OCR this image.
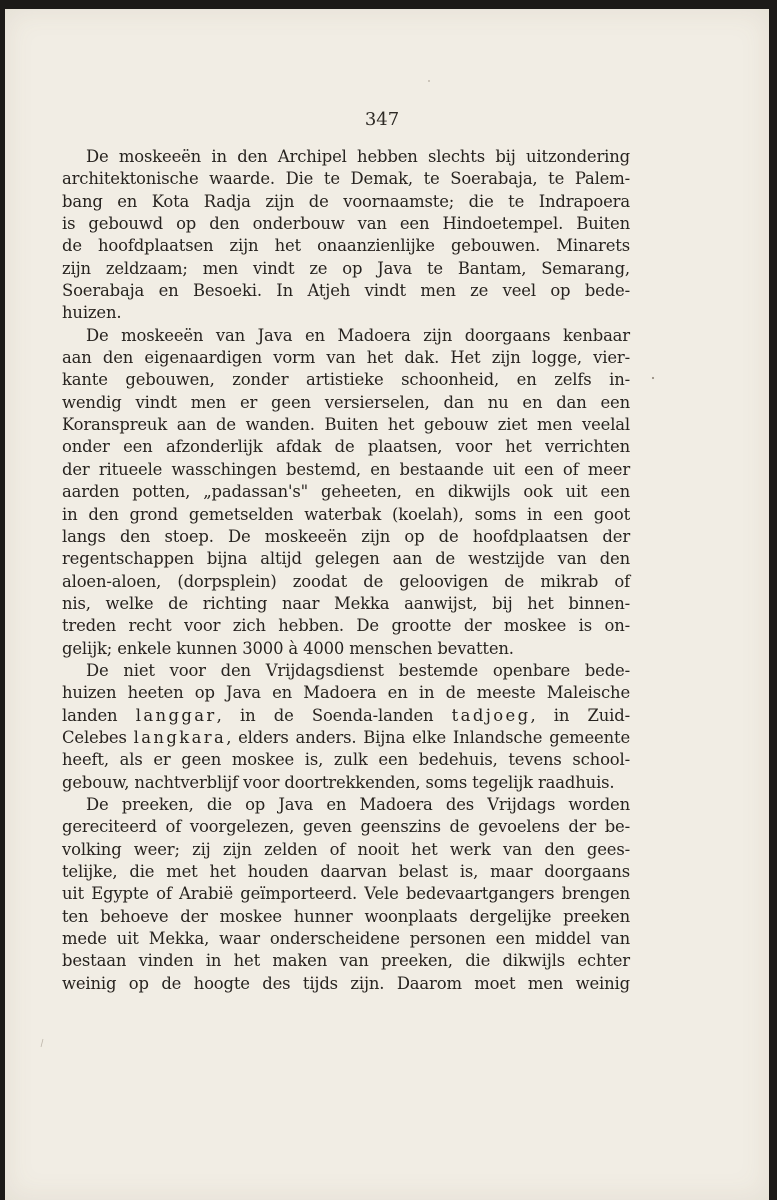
347
De moskeeën in den Archipel hebben slechts bij uitzondering
architektonische waarde. Die te Demak, te Soerabaja, te Palem-
bang en Kota Radja zijn de voornaamste; die te Indrapoera
is gebouwd op den onderbouw van een Hindoetempel. Buiten
de hoofdplaatsen zijn het onaanzienlijke gebouwen. Minarets
zijn zeldzaam; men vindt ze op Java te Bantam, Semarang,
Soerabaja en Besoeki. In Atjeh vindt men ze veel op bede-
huizen.
De moskeeën van Java en Madoera zijn doorgaans kenbaar
aan den eigenaardigen vorm van het dak. Het zijn logge, vier-
kante gebouwen, zonder artistieke schoonheid, en zelfs in-
wendig vindt men er geen versierselen, dan nu en dan een
Koranspreuk aan de wanden. Buiten het gebouw ziet men veelal
onder een afzonderlijk afdak de plaatsen, voor het verrichten
der ritueele wasschingen bestemd, en bestaande uit een of meer
aarden potten, „padassan's" geheeten, en dikwijls ook uit een
in den grond gemetselden waterbak (koelah), soms in een goot
langs den stoep. De moskeeën zijn op de hoofdplaatsen der
regentschappen bijna altijd gelegen aan de westzijde van den
aloen-aloen, (dorpsplein) zoodat de geloovigen de mikrab of
nis, welke de richting naar Mekka aanwijst, bij het binnen-
treden recht voor zich hebben. De grootte der moskee is on-
gelijk; enkele kunnen 3000 à 4000 menschen bevatten.
De niet voor den Vrijdagsdienst bestemde openbare bede-
huizen heeten op Java en Madoera en in de meeste Maleische
landen langgar, in de Soenda-landen tadjoeg, in Zuid-
Celebes langkara, elders anders. Bijna elke Inlandsche gemeente
heeft, als er geen moskee is, zulk een bedehuis, tevens school-
gebouw, nachtverblijf voor doortrekkenden, soms tegelijk raadhuis.
De preeken, die op Java en Madoera des Vrijdags worden
gereciteerd of voorgelezen, geven geenszins de gevoelens der be-
volking weer; zij zijn zelden of nooit het werk van den gees-
telijke, die met het houden daarvan belast is, maar doorgaans
uit Egypte of Arabië geïmporteerd. Vele bedevaartgangers brengen
ten behoeve der moskee hunner woonplaats dergelijke preeken
mede uit Mekka, waar onderscheidene personen een middel van
bestaan vinden in het maken van preeken, die dikwijls echter
weinig op de hoogte des tijds zijn. Daarom moet men weinig
